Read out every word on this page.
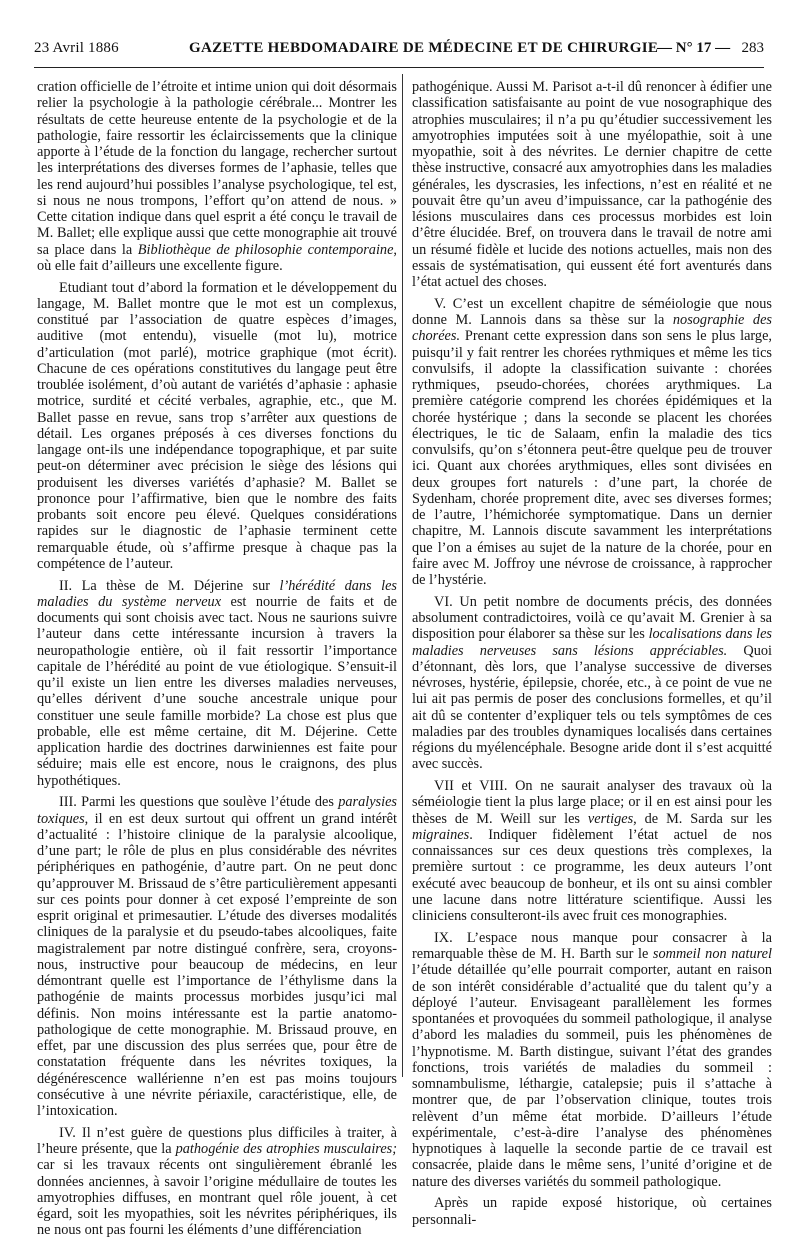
23 Avril 1886	GAZETTE HEBDOMADAIRE DE MÉDECINE ET DE CHIRURGIE
— N° 17 — 283

cration officielle de l’étroite et intime union qui doit désormais relier la psychologie à la pathologie cérébrale... Montrer les résultats de cette heureuse entente de la psychologie et de la pathologie, faire ressortir les éclaircissements que la clinique apporte à l’étude de la fonction du langage, rechercher surtout les interprétations des diverses formes de l’aphasie, telles que les rend aujourd’hui possibles l’analyse psychologique, tel est, si nous ne nous trompons, l’effort qu’on attend de nous. » Cette citation indique dans quel esprit a été conçu le travail de M. Ballet; elle explique aussi que cette monographie ait trouvé sa place dans la Bibliothèque de philosophie contemporaine, où elle fait d’ailleurs une excellente figure.

Etudiant tout d’abord la formation et le développement du langage, M. Ballet montre que le mot est un complexus, constitué par l’association de quatre espèces d’images, auditive (mot entendu), visuelle (mot lu), motrice d’articulation (mot parlé), motrice graphique (mot écrit). Chacune de ces opérations constitutives du langage peut être troublée isolément, d’où autant de variétés d’aphasie : aphasie motrice, surdité et cécité verbales, agraphie, etc., que M. Ballet passe en revue, sans trop s’arrêter aux questions de détail. Les organes préposés à ces diverses fonctions du langage ont-ils une indépendance topographique, et par suite peut-on déterminer avec précision le siège des lésions qui produisent les diverses variétés d’aphasie? M. Ballet se prononce pour l’affirmative, bien que le nombre des faits probants soit encore peu élevé. Quelques considérations rapides sur le diagnostic de l’aphasie terminent cette remarquable étude, où s’affirme presque à chaque pas la compétence de l’auteur.

II. La thèse de M. Déjerine sur l’hérédité dans les maladies du système nerveux est nourrie de faits et de documents qui sont choisis avec tact. Nous ne saurions suivre l’auteur dans cette intéressante incursion à travers la neuropathologie entière, où il fait ressortir l’importance capitale de l’hérédité au point de vue étiologique. S’ensuit-il qu’il existe un lien entre les diverses maladies nerveuses, qu’elles dérivent d’une souche ancestrale unique pour constituer une seule famille morbide? La chose est plus que probable, elle est même certaine, dit M. Déjerine. Cette application hardie des doctrines darwiniennes est faite pour séduire; mais elle est encore, nous le craignons, des plus hypothétiques.

III. Parmi les questions que soulève l’étude des paralysies toxiques, il en est deux surtout qui offrent un grand intérêt d’actualité : l’histoire clinique de la paralysie alcoolique, d’une part; le rôle de plus en plus considérable des névrites périphériques en pathogénie, d’autre part. On ne peut donc qu’approuver M. Brissaud de s’être particulièrement appesanti sur ces points pour donner à cet exposé l’empreinte de son esprit original et primesautier. L’étude des diverses modalités cliniques de la paralysie et du pseudo-tabes alcooliques, faite magistralement par notre distingué confrère, sera, croyons-nous, instructive pour beaucoup de médecins, en leur démontrant quelle est l’importance de l’éthylisme dans la pathogénie de maints processus morbides jusqu’ici mal définis. Non moins intéressante est la partie anatomo-pathologique de cette monographie. M. Brissaud prouve, en effet, par une discussion des plus serrées que, pour être de constatation fréquente dans les névrites toxiques, la dégénérescence wallérienne n’en est pas moins toujours consécutive à une névrite périaxile, caractéristique, elle, de l’intoxication.

IV. Il n’est guère de questions plus difficiles à traiter, à l’heure présente, que la pathogénie des atrophies musculaires; car si les travaux récents ont singulièrement ébranlé les données anciennes, à savoir l’origine médullaire de toutes les amyotrophies diffuses, en montrant quel rôle jouent, à cet égard, soit les myopathies, soit les névrites périphériques, ils ne nous ont pas fourni les éléments d’une différenciation

pathogénique. Aussi M. Parisot a-t-il dû renoncer à édifier une classification satisfaisante au point de vue nosographique des atrophies musculaires; il n’a pu qu’étudier successivement les amyotrophies imputées soit à une myélopathie, soit à une myopathie, soit à des névrites. Le dernier chapitre de cette thèse instructive, consacré aux amyotrophies dans les maladies générales, les dyscrasies, les infections, n’est en réalité et ne pouvait être qu’un aveu d’impuissance, car la pathogénie des lésions musculaires dans ces processus morbides est loin d’être élucidée. Bref, on trouvera dans le travail de notre ami un résumé fidèle et lucide des notions actuelles, mais non des essais de systématisation, qui eussent été fort aventurés dans l’état actuel des choses.

V. C’est un excellent chapitre de séméiologie que nous donne M. Lannois dans sa thèse sur la nosographie des chorées. Prenant cette expression dans son sens le plus large, puisqu’il y fait rentrer les chorées rythmiques et même les tics convulsifs, il adopte la classification suivante : chorées rythmiques, pseudo-chorées, chorées arythmiques. La première catégorie comprend les chorées épidémiques et la chorée hystérique ; dans la seconde se placent les chorées électriques, le tic de Salaam, enfin la maladie des tics convulsifs, qu’on s’étonnera peut-être quelque peu de trouver ici. Quant aux chorées arythmiques, elles sont divisées en deux groupes fort naturels : d’une part, la chorée de Sydenham, chorée proprement dite, avec ses diverses formes; de l’autre, l’hémichorée symptomatique. Dans un dernier chapitre, M. Lannois discute savamment les interprétations que l’on a émises au sujet de la nature de la chorée, pour en faire avec M. Joffroy une névrose de croissance, à rapprocher de l’hystérie.

VI. Un petit nombre de documents précis, des données absolument contradictoires, voilà ce qu’avait M. Grenier à sa disposition pour élaborer sa thèse sur les localisations dans les maladies nerveuses sans lésions appréciables. Quoi d’étonnant, dès lors, que l’analyse successive de diverses névroses, hystérie, épilepsie, chorée, etc., à ce point de vue ne lui ait pas permis de poser des conclusions formelles, et qu’il ait dû se contenter d’expliquer tels ou tels symptômes de ces maladies par des troubles dynamiques localisés dans certaines régions du myélencéphale. Besogne aride dont il s’est acquitté avec succès.

VII et VIII. On ne saurait analyser des travaux où la séméiologie tient la plus large place; or il en est ainsi pour les thèses de M. Weill sur les vertiges, de M. Sarda sur les migraines. Indiquer fidèlement l’état actuel de nos connaissances sur ces deux questions très complexes, la première surtout : ce programme, les deux auteurs l’ont exécuté avec beaucoup de bonheur, et ils ont su ainsi combler une lacune dans notre littérature scientifique. Aussi les cliniciens consulteront-ils avec fruit ces monographies.

IX. L’espace nous manque pour consacrer à la remarquable thèse de M. H. Barth sur le sommeil non naturel l’étude détaillée qu’elle pourrait comporter, autant en raison de son intérêt considérable d’actualité que du talent qu’y a déployé l’auteur. Envisageant parallèlement les formes spontanées et provoquées du sommeil pathologique, il analyse d’abord les maladies du sommeil, puis les phénomènes de l’hypnotisme. M. Barth distingue, suivant l’état des grandes fonctions, trois variétés de maladies du sommeil : somnambulisme, léthargie, catalepsie; puis il s’attache à montrer que, de par l’observation clinique, toutes trois relèvent d’un même état morbide. D’ailleurs l’étude expérimentale, c’est-à-dire l’analyse des phénomènes hypnotiques à laquelle la seconde partie de ce travail est consacrée, plaide dans le même sens, l’unité d’origine et de nature des diverses variétés du sommeil pathologique.

Après un rapide exposé historique, où certaines personnali-
